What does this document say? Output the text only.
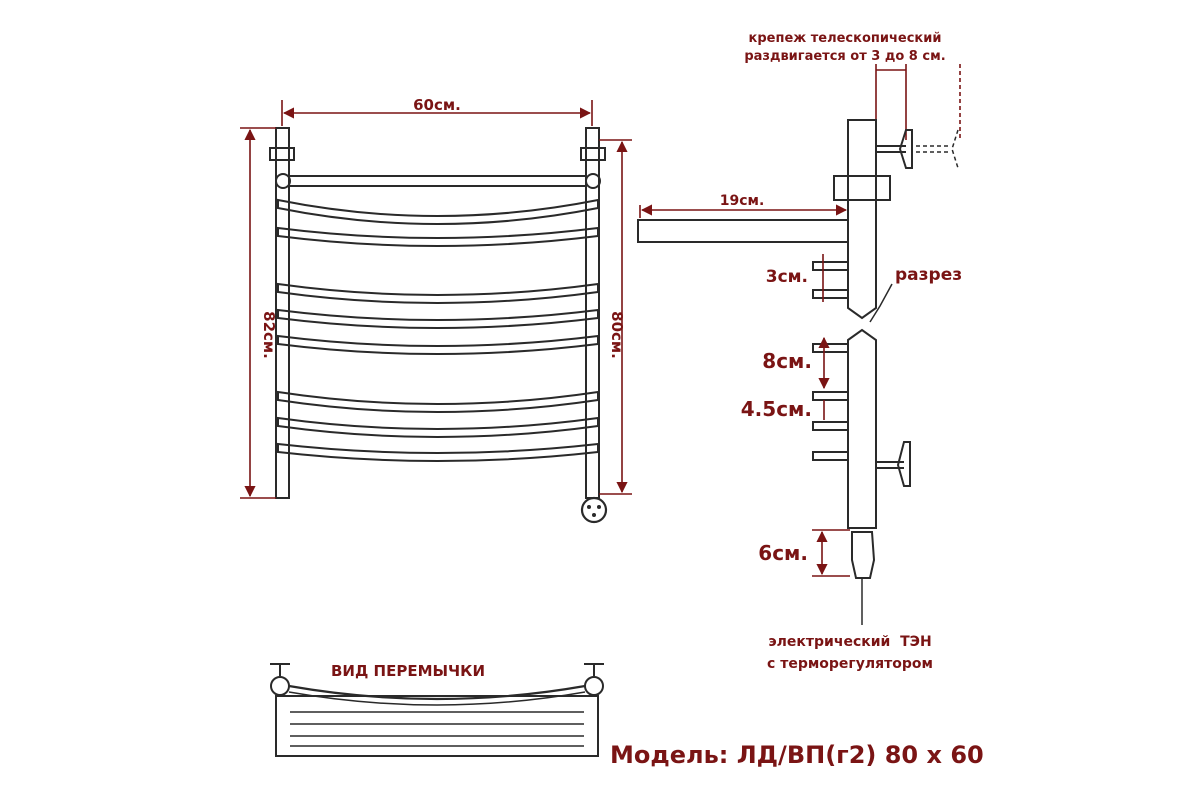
60см.
82см.	80см.
крепеж телескопический
раздвигается от 3 до 8 см.
19см.
3см.	разрез
8см.
4.5см.
6см.
электрический  ТЭН
с терморегулятором
ВИД ПЕРЕМЫЧКИ
Модель: ЛД/ВП(г2) 80 х 60
